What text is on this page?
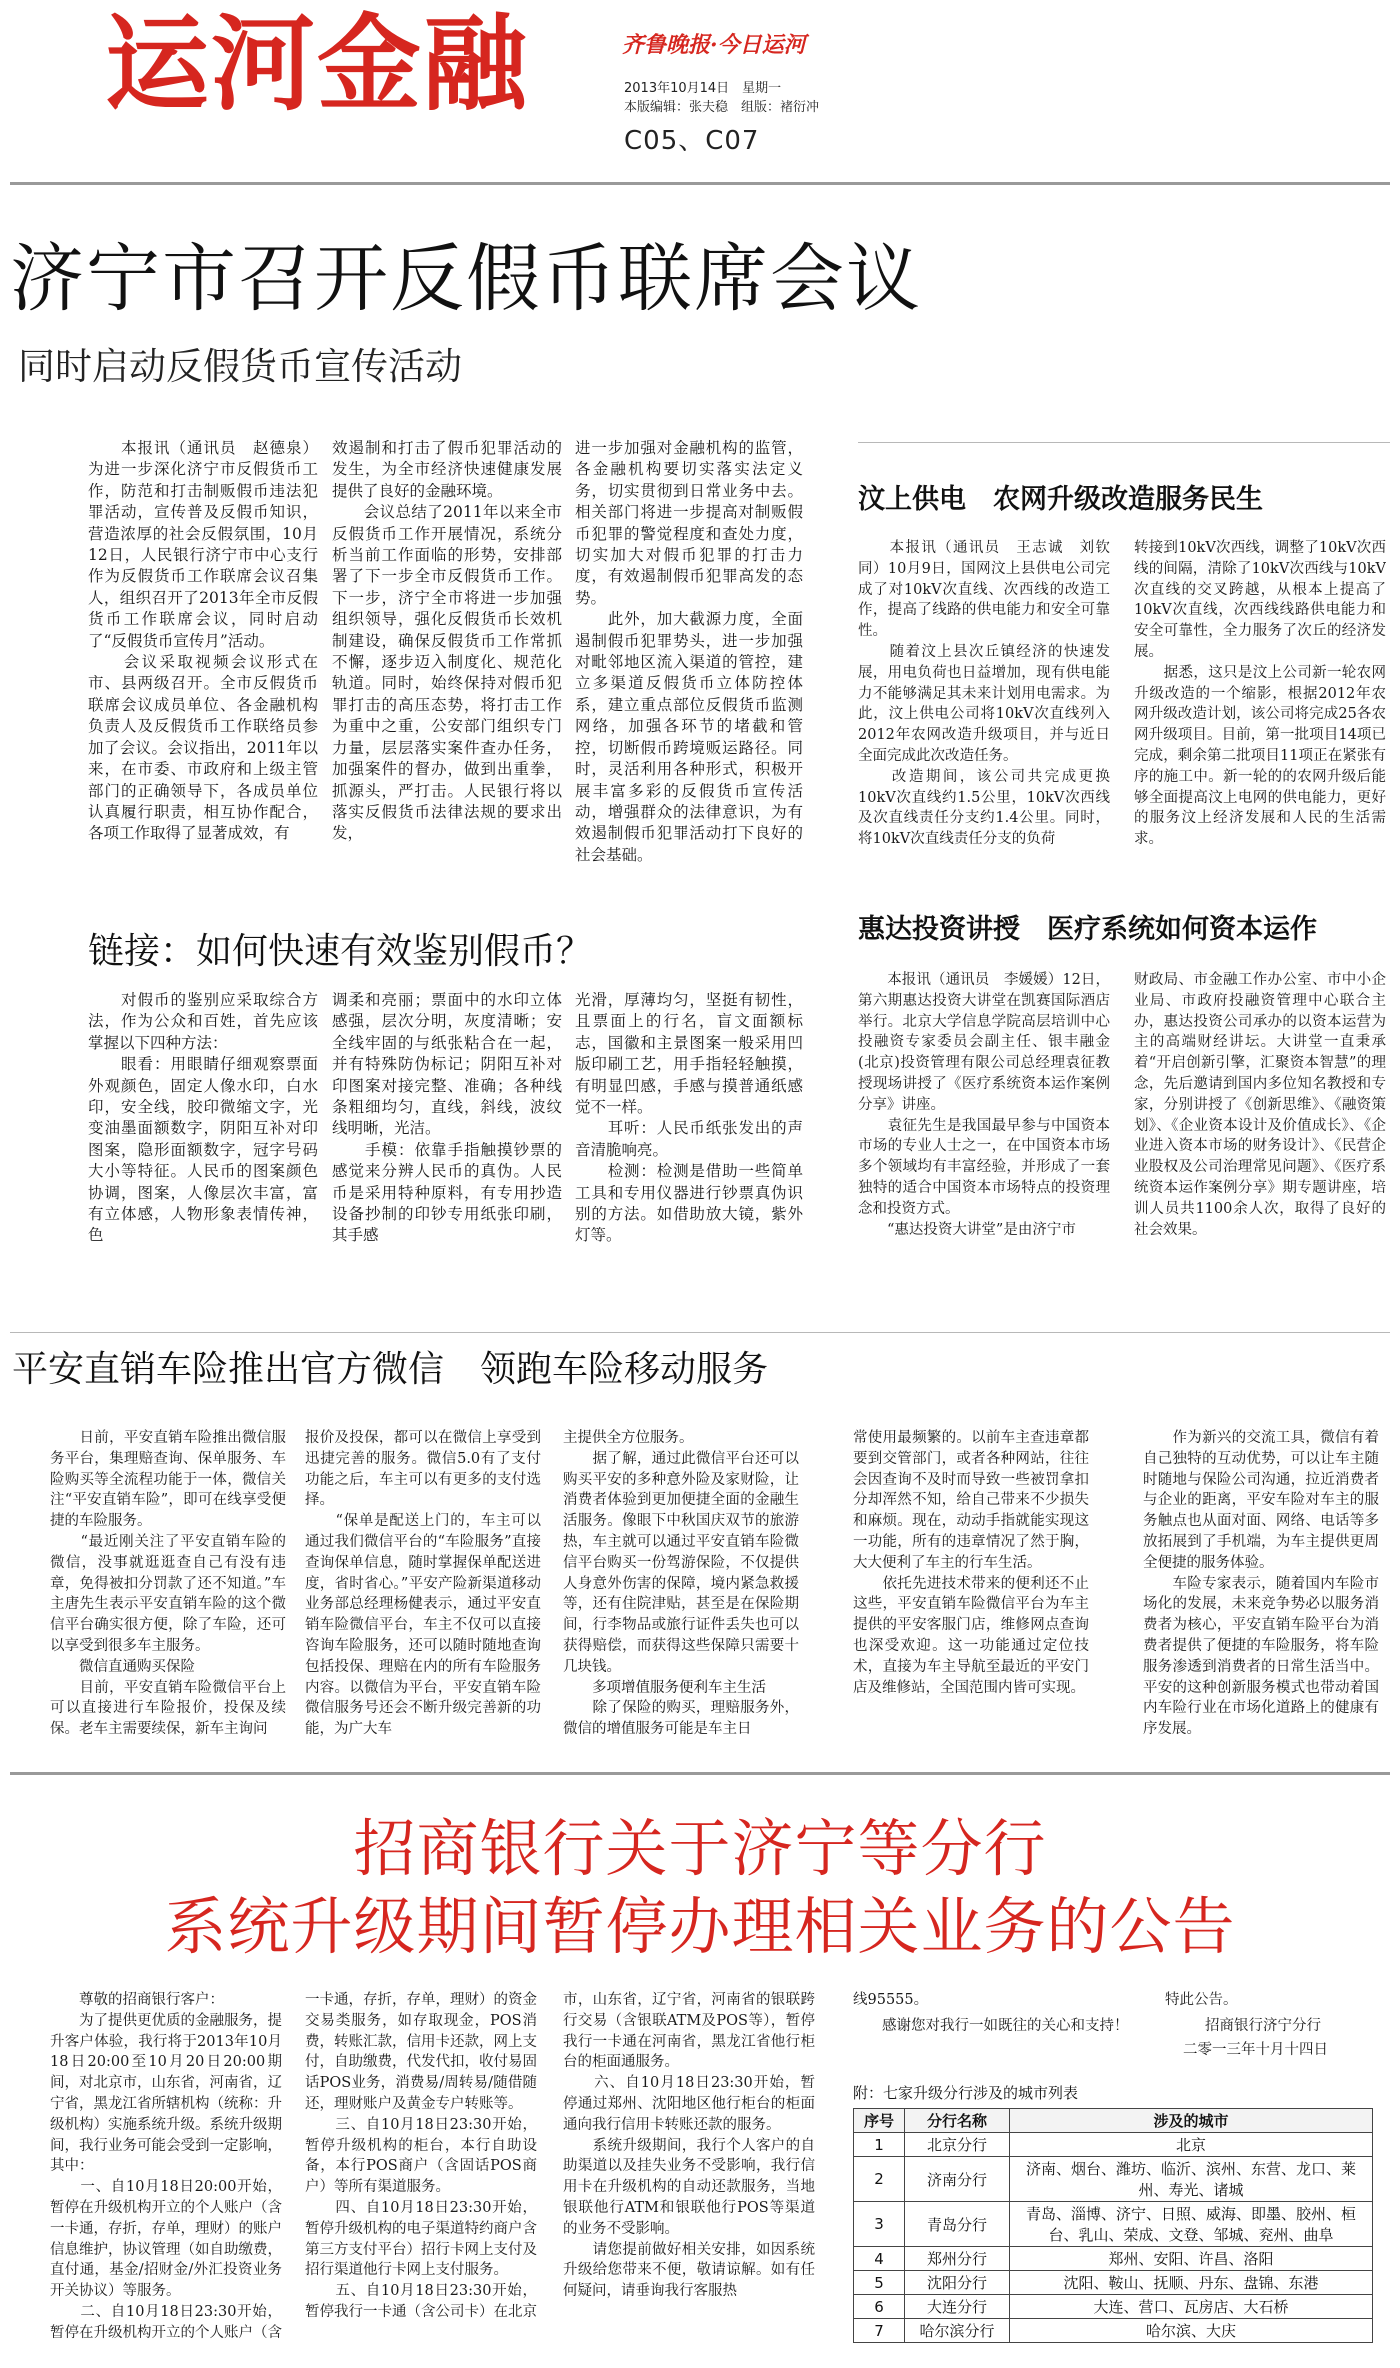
运河金融	齐鲁晚报·今日运河
2013年10月14日　星期一
本版编辑：张夫稳　组版：褚衍冲
C05、C07
济宁市召开反假币联席会议
同时启动反假货币宣传活动
　　本报讯（通讯员　赵德泉）为进一步深化济宁市反假货币工作，防范和打击制贩假币违法犯罪活动，宣传普及反假币知识，营造浓厚的社会反假氛围，10月12日，人民银行济宁市中心支行作为反假货币工作联席会议召集人，组织召开了2013年全市反假货币工作联席会议，同时启动了“反假货币宣传月”活动。
　　会议采取视频会议形式在市、县两级召开。全市反假货币联席会议成员单位、各金融机构负责人及反假货币工作联络员参加了会议。会议指出，2011年以来，在市委、市政府和上级主管部门的正确领导下，各成员单位认真履行职责，相互协作配合，各项工作取得了显著成效，有
效遏制和打击了假币犯罪活动的发生，为全市经济快速健康发展提供了良好的金融环境。
　　会议总结了2011年以来全市反假货币工作开展情况，系统分析当前工作面临的形势，安排部署了下一步全市反假货币工作。下一步，济宁全市将进一步加强组织领导，强化反假货币长效机制建设，确保反假货币工作常抓不懈，逐步迈入制度化、规范化轨道。同时，始终保持对假币犯罪打击的高压态势，将打击工作为重中之重，公安部门组织专门力量，层层落实案件查办任务，加强案件的督办，做到出重拳，抓源头，严打击。人民银行将以落实反假货币法律法规的要求出发，
进一步加强对金融机构的监管，各金融机构要切实落实法定义务，切实贯彻到日常业务中去。相关部门将进一步提高对制贩假币犯罪的警觉程度和查处力度，切实加大对假币犯罪的打击力度，有效遏制假币犯罪高发的态势。
　　此外，加大截源力度，全面遏制假币犯罪势头，进一步加强对毗邻地区流入渠道的管控，建立多渠道反假货币立体防控体系，建立重点部位反假货币监测网络，加强各环节的堵截和管控，切断假币跨境贩运路径。同时，灵活利用各种形式，积极开展丰富多彩的反假货币宣传活动，增强群众的法律意识，为有效遏制假币犯罪活动打下良好的社会基础。
链接：如何快速有效鉴别假币？
　　对假币的鉴别应采取综合方法，作为公众和百姓，首先应该掌握以下四种方法：
　　眼看：用眼睛仔细观察票面外观颜色，固定人像水印，白水印，安全线，胶印微缩文字，光变油墨面额数字，阴阳互补对印图案，隐形面额数字，冠字号码大小等特征。人民币的图案颜色协调，图案，人像层次丰富，富有立体感，人物形象表情传神，色
调柔和亮丽；票面中的水印立体感强，层次分明，灰度清晰；安全线牢固的与纸张粘合在一起，并有特殊防伪标记；阴阳互补对印图案对接完整、准确；各种线条粗细均匀，直线，斜线，波纹线明晰，光洁。
　　手模：依靠手指触摸钞票的感觉来分辨人民币的真伪。人民币是采用特种原料，有专用抄造设备抄制的印钞专用纸张印刷，其手感
光滑，厚薄均匀，坚挺有韧性，且票面上的行名，盲文面额标志，国徽和主景图案一般采用凹版印刷工艺，用手指轻轻触摸，有明显凹感，手感与摸普通纸感觉不一样。
　　耳听：人民币纸张发出的声音清脆响亮。
　　检测：检测是借助一些简单工具和专用仪器进行钞票真伪识别的方法。如借助放大镜，紫外灯等。
汶上供电　农网升级改造服务民生
　　本报讯（通讯员　王志诚　刘钦同）10月9日，国网汶上县供电公司完成了对10kV次直线、次西线的改造工作，提高了线路的供电能力和安全可靠性。
　　随着汶上县次丘镇经济的快速发展，用电负荷也日益增加，现有供电能力不能够满足其未来计划用电需求。为此，汶上供电公司将10kV次直线列入2012年农网改造升级项目，并与近日全面完成此次改造任务。
　　改造期间，该公司共完成更换10kV次直线约1.5公里，10kV次西线及次直线责任分支约1.4公里。同时，将10kV次直线责任分支的负荷
转接到10kV次西线，调整了10kV次西线的间隔，清除了10kV次西线与10kV次直线的交叉跨越，从根本上提高了10kV次直线，次西线线路供电能力和安全可靠性，全力服务了次丘的经济发展。
　　据悉，这只是汶上公司新一轮农网升级改造的一个缩影，根据2012年农网升级改造计划，该公司将完成25各农网升级项目。目前，第一批项目14项已完成，剩余第二批项目11项正在紧张有序的施工中。新一轮的的农网升级后能够全面提高汶上电网的供电能力，更好的服务汶上经济发展和人民的生活需求。
惠达投资讲授　医疗系统如何资本运作
　　本报讯（通讯员　李媛媛）12日，第六期惠达投资大讲堂在凯赛国际酒店举行。北京大学信息学院高层培训中心投融资专家委员会副主任、银丰融金(北京)投资管理有限公司总经理袁征教授现场讲授了《医疗系统资本运作案例分享》讲座。
　　袁征先生是我国最早参与中国资本市场的专业人士之一，在中国资本市场多个领域均有丰富经验，并形成了一套独特的适合中国资本市场特点的投资理念和投资方式。
　　“惠达投资大讲堂”是由济宁市
财政局、市金融工作办公室、市中小企业局、市政府投融资管理中心联合主办，惠达投资公司承办的以资本运营为主的高端财经讲坛。大讲堂一直秉承着“开启创新引擎，汇聚资本智慧”的理念，先后邀请到国内多位知名教授和专家，分别讲授了《创新思维》、《融资策划》、《企业资本设计及价值成长》、《企业进入资本市场的财务设计》、《民营企业股权及公司治理常见问题》、《医疗系统资本运作案例分享》期专题讲座，培训人员共1100余人次，取得了良好的社会效果。
平安直销车险推出官方微信　领跑车险移动服务
　　日前，平安直销车险推出微信服务平台，集理赔查询、保单服务、车险购买等全流程功能于一体，微信关注“平安直销车险”，即可在线享受便捷的车险服务。
　　“最近刚关注了平安直销车险的微信，没事就逛逛查自己有没有违章，免得被扣分罚款了还不知道。”车主唐先生表示平安直销车险的这个微信平台确实很方便，除了车险，还可以享受到很多车主服务。
　　微信直通购买保险
　　目前，平安直销车险微信平台上可以直接进行车险报价，投保及续保。老车主需要续保，新车主询问
报价及投保，都可以在微信上享受到迅捷完善的服务。微信5.0有了支付功能之后，车主可以有更多的支付选择。
　　“保单是配送上门的，车主可以通过我们微信平台的“车险服务”直接查询保单信息，随时掌握保单配送进度，省时省心。”平安产险新渠道移动业务部总经理杨健表示，通过平安直销车险微信平台，车主不仅可以直接咨询车险服务，还可以随时随地查询包括投保、理赔在内的所有车险服务内容。以微信为平台，平安直销车险微信服务号还会不断升级完善新的功能，为广大车
主提供全方位服务。
　　据了解，通过此微信平台还可以购买平安的多种意外险及家财险，让消费者体验到更加便捷全面的金融生活服务。像眼下中秋国庆双节的旅游热，车主就可以通过平安直销车险微信平台购买一份驾游保险，不仅提供人身意外伤害的保障，境内紧急救援等，还有住院津贴，甚至是在保险期间，行李物品或旅行证件丢失也可以获得赔偿，而获得这些保障只需要十几块钱。
　　多项增值服务便利车主生活
　　除了保险的购买，理赔服务外，微信的增值服务可能是车主日
常使用最频繁的。以前车主查违章都要到交管部门，或者各种网站，往往会因查询不及时而导致一些被罚拿扣分却浑然不知，给自己带来不少损失和麻烦。现在，动动手指就能实现这一功能，所有的违章情况了然于胸，大大便利了车主的行车生活。
　　依托先进技术带来的便利还不止这些，平安直销车险微信平台为车主提供的平安客服门店，维修网点查询也深受欢迎。这一功能通过定位技术，直接为车主导航至最近的平安门店及维修站，全国范围内皆可实现。
　　作为新兴的交流工具，微信有着自己独特的互动优势，可以让车主随时随地与保险公司沟通，拉近消费者与企业的距离，平安车险对车主的服务触点也从面对面、网络、电话等多放拓展到了手机端，为车主提供更周全便捷的服务体验。
　　车险专家表示，随着国内车险市场化的发展，未来竞争势必以服务消费者为核心，平安直销车险平台为消费者提供了便捷的车险服务，将车险服务渗透到消费者的日常生活当中。平安的这种创新服务模式也带动着国内车险行业在市场化道路上的健康有序发展。
招商银行关于济宁等分行
系统升级期间暂停办理相关业务的公告
　　尊敬的招商银行客户：
　　为了提供更优质的金融服务，提升客户体验，我行将于2013年10月18日20:00至10月20日20:00期间，对北京市，山东省，河南省，辽宁省，黑龙江省所辖机构（统称：升级机构）实施系统升级。系统升级期间，我行业务可能会受到一定影响，其中：
　　一、自10月18日20:00开始，暂停在升级机构开立的个人账户（含一卡通，存折，存单，理财）的账户信息维护，协议管理（如自助缴费，直付通，基金/招财金/外汇投资业务开关协议）等服务。
　　二、自10月18日23:30开始，暂停在升级机构开立的个人账户（含
一卡通，存折，存单，理财）的资金交易类服务，如存取现金，POS消费，转账汇款，信用卡还款，网上支付，自助缴费，代发代扣，收付易固话POS业务，消费易/周转易/随借随还，理财账户及黄金专户转账等。
　　三、自10月18日23:30开始，暂停升级机构的柜台，本行自助设备，本行POS商户（含固话POS商户）等所有渠道服务。
　　四、自10月18日23:30开始，暂停升级机构的电子渠道特约商户含第三方支付平台）招行卡网上支付及招行渠道他行卡网上支付服务。
　　五、自10月18日23:30开始，暂停我行一卡通（含公司卡）在北京
市，山东省，辽宁省，河南省的银联跨行交易（含银联ATM及POS等），暂停我行一卡通在河南省，黑龙江省他行柜台的柜面通服务。
　　六、自10月18日23:30开始，暂停通过郑州、沈阳地区他行柜台的柜面通向我行信用卡转账还款的服务。
　　系统升级期间，我行个人客户的自助渠道以及挂失业务不受影响，我行信用卡在升级机构的自动还款服务，当地银联他行ATM和银联他行POS等渠道的业务不受影响。
　　请您提前做好相关安排，如因系统升级给您带来不便，敬请谅解。如有任何疑问，请垂询我行客服热
线95555。
　　感谢您对我行一如既往的关心和支持！
特此公告。
招商银行济宁分行
二零一三年十月十四日
附：七家升级分行涉及的城市列表
序号	分行名称	涉及的城市
1	北京分行	北京
2	济南分行	济南、烟台、潍坊、临沂、滨州、东营、龙口、莱州、寿光、诸城
3	青岛分行	青岛、淄博、济宁、日照、威海、即墨、胶州、桓台、乳山、荣成、文登、邹城、兖州、曲阜
4	郑州分行	郑州、安阳、许昌、洛阳
5	沈阳分行	沈阳、鞍山、抚顺、丹东、盘锦、东港
6	大连分行	大连、营口、瓦房店、大石桥
7	哈尔滨分行	哈尔滨、大庆
